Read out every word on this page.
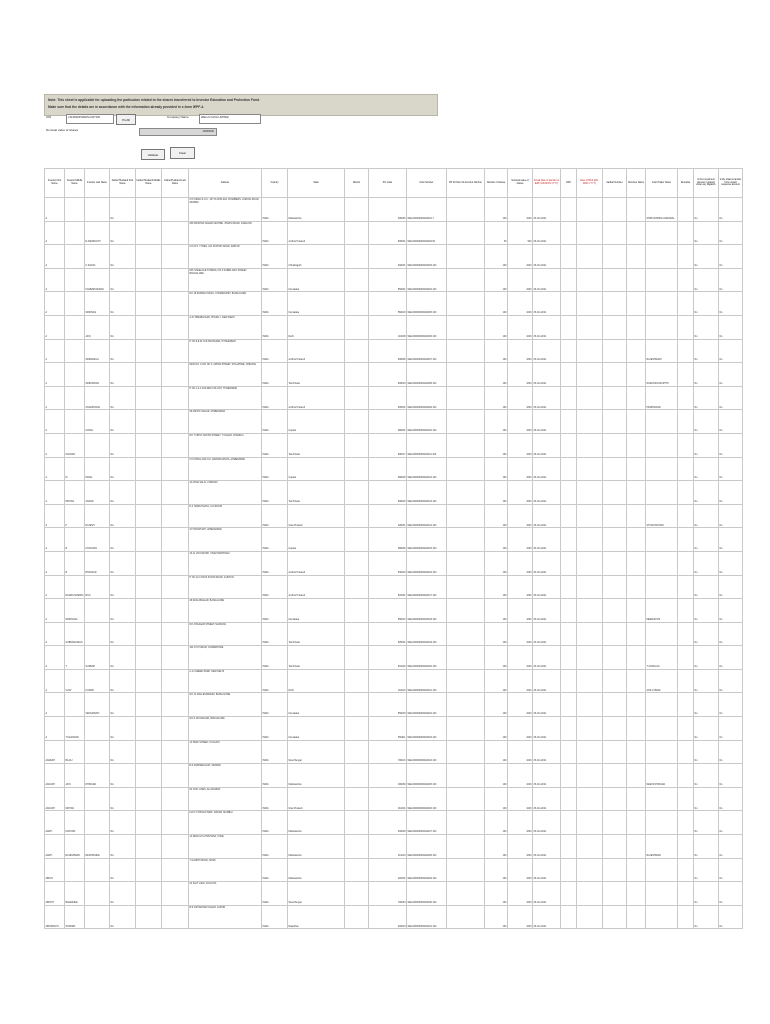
Note: This sheet is applicable for uploading the particulars related to the shares transferred to Investor Education and Protection Fund.
Make sure that the details are in accordance with the information already provided in e-form IEPF-4.
CIN	L31300MP1991PLC007100
Prefill
Company Name	WELLS CASH LIMITED
Nominal value of shares	10000000
Validate	Clear
Investor First Name	Investor Middle Name	Investor Last Name	Father/Husband First Name	Father/Husband Middle Name	Father/Husband Last Name	Address	Country	State	District	Pin Code	Folio Number	DP Id-Client Id-Account Number	Number of shares	Nominal value of shares	Actual Date of transfer to IEPF (DD-MON-YYYY)	PAN	Date of Birth (DD-MON-YYYY)	Aadhar Number	Nominee Name	Joint Holder Name	Remarks	Is the Investment (amount / shares) under any litigation.	Is the shares transfer from unpaid suspense account
A			NA			C/O KIRAN & CO., 1ST FLOOR RAJ CHAMBERS, LINKING ROAD, MUMBAI	INDIA	Maharashtra		400050	WEL0000000000A0001 1		100	1000	25-Oct-2021					SHRI KRISHNA AGRAWAL		No	No
A		R AMARNATH	NA			209 KRISHNA NAGAR CENTRE, JHANSI ROAD, GWALIOR	INDIA	Andhra Pradesh		500001	WEL0000000000A0002 50		50	500	25-Oct-2021							No	No
A		C RAJAN	NA			C/O R.S. TYRES, 104 STATION ROAD, RAIPUR	INDIA	Chhattisgarh		492001	WEL0000000000A0003 100		100	1000	25-Oct-2021							No	No
A		KAMESHWARAN	NA			M/S STEELAGE STORES, NO 6 SUBBA RAO STREET, BANGALORE	INDIA	Karnataka		560001	WEL0000000000A0004 100		100	1000	25-Oct-2021							No	No
A		SRINIVAS	NA			NO 18 RAMANA NIVAS, CHAMRAJPET, BANGALORE	INDIA	Karnataka		560018	WEL0000000000A0005 100		100	1000	25-Oct-2021							No	No
A		JAIN	NA			A-27 PREMNAGAR, PHASE 1, NEW DELHI	INDIA	Delhi		110008	WEL0000000000A0006 100		100	1000	25-Oct-2021							No	No
A		SRIRAMULU	NA			H NO 9-8-91 SULTAN BAZAR, HYDERABAD	INDIA	Andhra Pradesh		500095	WEL0000000000A0007 100		100	1000	25-Oct-2021					RAJESHWARI		No	No
A		SRIDHARAN	NA			NEW NO 1 OLD NO 3, APPAR STREET, MYLAPORE, CHENNAI	INDIA	Tamil Nadu		600004	WEL0000000000A0008 100		100	1000	25-Oct-2021					NARAYANA MURTHY		No	No
A		ANNAPURNA	NA			H NO 1-2-3 GOLDEN COLONY, HYDERABAD	INDIA	Andhra Pradesh		500001	WEL0000000000A0009 100		100	1000	25-Oct-2021					PRABHAKAR		No	No
A		GOPAL	NA			99 ASHOK NAGAR, AHMEDABAD	INDIA	Gujarat		380001	WEL0000000000A0010 100		100	1000	25-Oct-2021							No	No
A	KANNAN		NA			NO 7 FIRST CROSS STREET, T NAGAR, CHENNAI	INDIA	Tamil Nadu		600017	WEL0000000000A0011 100		100	1000	25-Oct-2021							No	No
A	M	PATEL	NA			C/O PATEL AND CO, NAVRANGPURA, AHMEDABAD	INDIA	Gujarat		380009	WEL0000000000A0012 100		100	1000	25-Oct-2021							No	No
A	MOHAN	ANAND	NA			12 ANNA SALAI, CHENNAI	INDIA	Tamil Nadu		600002	WEL0000000000A0013 100		100	1000	25-Oct-2021							No	No
A	P	RAJESH	NA			D-4 HAZRATGANJ, LUCKNOW	INDIA	Uttar Pradesh		226001	WEL0000000000A0014 100		100	1000	25-Oct-2021					SHYAM MOHAN		No	No
A	R	CHAUHAN	NA			4/7 PANCHVATI, AHMEDABAD	INDIA	Gujarat		380006	WEL0000000000A0015 100		100	1000	25-Oct-2021							No	No
A	R	BHASKAR	NA			16-11 VIJAYAPURI, VISAKHAPATNAM	INDIA	Andhra Pradesh		530003	WEL0000000000A0016 100		100	1000	25-Oct-2021							No	No
A	RAMACHANDRA	RAO	NA			H NO 12-13 BUS STAND ROAD, GUNTUR	INDIA	Andhra Pradesh		522001	WEL0000000000A0017 100		100	1000	25-Oct-2021							No	No
A	SRINIVASA		NA			48 RAJAJINAGAR, BANGALORE	INDIA	Karnataka		560010	WEL0000000000A0018 100		100	1000	25-Oct-2021					MEENAKSHI		No	No
A	SUBRAMANIAN		NA			NO 3 BAZAAR STREET, MADURAI	INDIA	Tamil Nadu		625001	WEL0000000000A0019 100		100	1000	25-Oct-2021							No	No
A	T	SURESH	NA			104 R S PURAM, COIMBATORE	INDIA	Tamil Nadu		641002	WEL0000000000A0020 100		100	1000	25-Oct-2021					T GOPALAN		No	No
A	VIJAY	KUMAR	NA			C-14 GREEN PARK, NEW DELHI	INDIA	Delhi		110016	WEL0000000000A0021 100		100	1000	25-Oct-2021					ANIL KUMAR		No	No
A		VENKATESH	NA			NO 21 MALLESWARAM, BANGALORE	INDIA	Karnataka		560003	WEL0000000000A0022 100		100	1000	25-Oct-2021							No	No
A	YOGANAND		NA			NO 8 JAYANAGAR, BANGALORE	INDIA	Karnataka		560011	WEL0000000000A0023 100		100	1000	25-Oct-2021							No	No
AADESH	BAJAJ		NA			12 PARK STREET, KOLKATA	INDIA	West Bengal		700016	WEL0000000000A0024 100		100	1000	25-Oct-2021							No	No
AAKASH	JAIN	DHINGRA	NA			B-5 ANDHERI EAST, MUMBAI	INDIA	Maharashtra		400069	WEL0000000000A0025 100		100	1000	25-Oct-2021					NEETA DHINGRA		No	No
AAKASH	MOHAN		NA			52 CIVIL LINES, ALLAHABAD	INDIA	Uttar Pradesh		211001	WEL0000000000A0026 100		100	1000	25-Oct-2021							No	No
AARTI	KAPOOR		NA			FLAT 3 SHIVAJI PARK, DADAR, MUMBAI	INDIA	Maharashtra		400028	WEL0000000000A0027 100		100	1000	25-Oct-2021							No	No
AARTI	RAJESHWAR	DESHPANDE	NA			14 DECCAN GYMKHANA, PUNE	INDIA	Maharashtra		411004	WEL0000000000A0028 100		100	1000	25-Oct-2021					RAJESHWAR		No	No
ABHAY			NA			7 GANDHI ROAD, NASIK	INDIA	Maharashtra		422001	WEL0000000000A0029 100		100	1000	25-Oct-2021							No	No
ABHIJIT	BANERJEE		NA			22 SALT LAKE, KOLKATA	INDIA	West Bengal		700064	WEL0000000000A0030 100		100	1000	25-Oct-2021							No	No
ABHIMANYU	SHARMA		NA			B-9 VIDYADHAR NAGAR, JAIPUR	INDIA	Rajasthan		302023	WEL0000000000A0031 100		100	1000	25-Oct-2021							No	No
